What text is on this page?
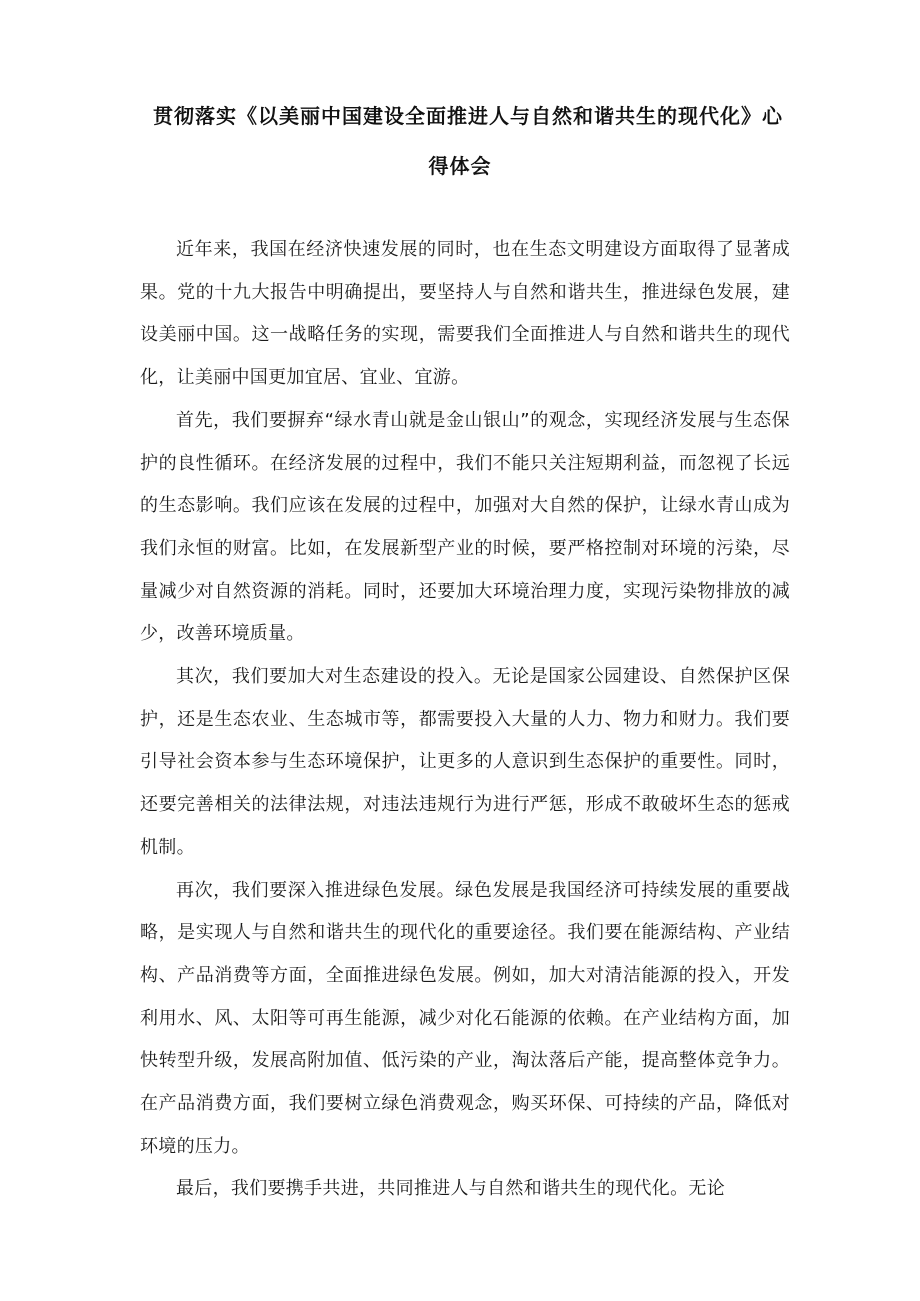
贯彻落实《以美丽中国建设全面推进人与自然和谐共生的现代化》心
得体会

近年来，我国在经济快速发展的同时，也在生态文明建设方面取得了显著成果。党的十九大报告中明确提出，要坚持人与自然和谐共生，推进绿色发展，建设美丽中国。这一战略任务的实现，需要我们全面推进人与自然和谐共生的现代化，让美丽中国更加宜居、宜业、宜游。

首先，我们要摒弃“绿水青山就是金山银山”的观念，实现经济发展与生态保护的良性循环。在经济发展的过程中，我们不能只关注短期利益，而忽视了长远的生态影响。我们应该在发展的过程中，加强对大自然的保护，让绿水青山成为我们永恒的财富。比如，在发展新型产业的时候，要严格控制对环境的污染，尽量减少对自然资源的消耗。同时，还要加大环境治理力度，实现污染物排放的减少，改善环境质量。

其次，我们要加大对生态建设的投入。无论是国家公园建设、自然保护区保护，还是生态农业、生态城市等，都需要投入大量的人力、物力和财力。我们要引导社会资本参与生态环境保护，让更多的人意识到生态保护的重要性。同时，还要完善相关的法律法规，对违法违规行为进行严惩，形成不敢破坏生态的惩戒机制。

再次，我们要深入推进绿色发展。绿色发展是我国经济可持续发展的重要战略，是实现人与自然和谐共生的现代化的重要途径。我们要在能源结构、产业结构、产品消费等方面，全面推进绿色发展。例如，加大对清洁能源的投入，开发利用水、风、太阳等可再生能源，减少对化石能源的依赖。在产业结构方面，加快转型升级，发展高附加值、低污染的产业，淘汰落后产能，提高整体竞争力。在产品消费方面，我们要树立绿色消费观念，购买环保、可持续的产品，降低对环境的压力。

最后，我们要携手共进，共同推进人与自然和谐共生的现代化。无论
